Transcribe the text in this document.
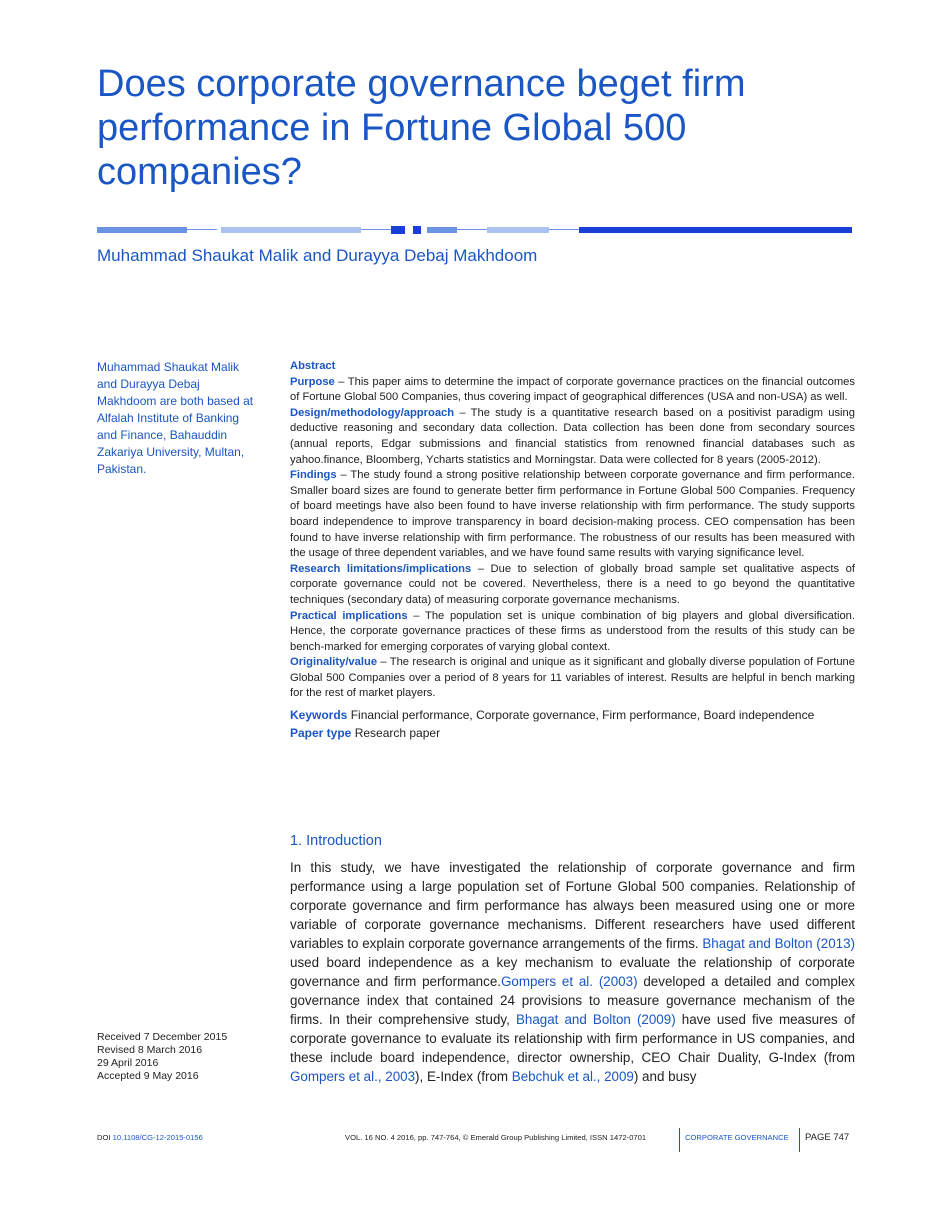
Does corporate governance beget firm performance in Fortune Global 500 companies?
Muhammad Shaukat Malik and Durayya Debaj Makhdoom
Muhammad Shaukat Malik and Durayya Debaj Makhdoom are both based at Alfalah Institute of Banking and Finance, Bahauddin Zakariya University, Multan, Pakistan.

Abstract

Purpose – This paper aims to determine the impact of corporate governance practices on the financial outcomes of Fortune Global 500 Companies, thus covering impact of geographical differences (USA and non-USA) as well.

Design/methodology/approach – The study is a quantitative research based on a positivist paradigm using deductive reasoning and secondary data collection. Data collection has been done from secondary sources (annual reports, Edgar submissions and financial statistics from renowned financial databases such as yahoo.finance, Bloomberg, Ycharts statistics and Morningstar. Data were collected for 8 years (2005-2012).

Findings – The study found a strong positive relationship between corporate governance and firm performance. Smaller board sizes are found to generate better firm performance in Fortune Global 500 Companies. Frequency of board meetings have also been found to have inverse relationship with firm performance. The study supports board independence to improve transparency in board decision-making process. CEO compensation has been found to have inverse relationship with firm performance. The robustness of our results has been measured with the usage of three dependent variables, and we have found same results with varying significance level.

Research limitations/implications – Due to selection of globally broad sample set qualitative aspects of corporate governance could not be covered. Nevertheless, there is a need to go beyond the quantitative techniques (secondary data) of measuring corporate governance mechanisms.

Practical implications – The population set is unique combination of big players and global diversification. Hence, the corporate governance practices of these firms as understood from the results of this study can be bench-marked for emerging corporates of varying global context.

Originality/value – The research is original and unique as it significant and globally diverse population of Fortune Global 500 Companies over a period of 8 years for 11 variables of interest. Results are helpful in bench marking for the rest of market players.

Keywords Financial performance, Corporate governance, Firm performance, Board independence

Paper type Research paper

1. Introduction

In this study, we have investigated the relationship of corporate governance and firm performance using a large population set of Fortune Global 500 companies. Relationship of corporate governance and firm performance has always been measured using one or more variable of corporate governance mechanisms. Different researchers have used different variables to explain corporate governance arrangements of the firms. Bhagat and Bolton (2013) used board independence as a key mechanism to evaluate the relationship of corporate governance and firm performance.Gompers et al. (2003) developed a detailed and complex governance index that contained 24 provisions to measure governance mechanism of the firms. In their comprehensive study, Bhagat and Bolton (2009) have used five measures of corporate governance to evaluate its relationship with firm performance in US companies, and these include board independence, director ownership, CEO Chair Duality, G-Index (from Gompers et al., 2003), E-Index (from Bebchuk et al., 2009) and busy

Received 7 December 2015
Revised 8 March 2016
29 April 2016
Accepted 9 May 2016
DOI 10.1108/CG-12-2015-0156	VOL. 16 NO. 4 2016, pp. 747-764, © Emerald Group Publishing Limited, ISSN 1472-0701	CORPORATE GOVERNANCE PAGE 747
